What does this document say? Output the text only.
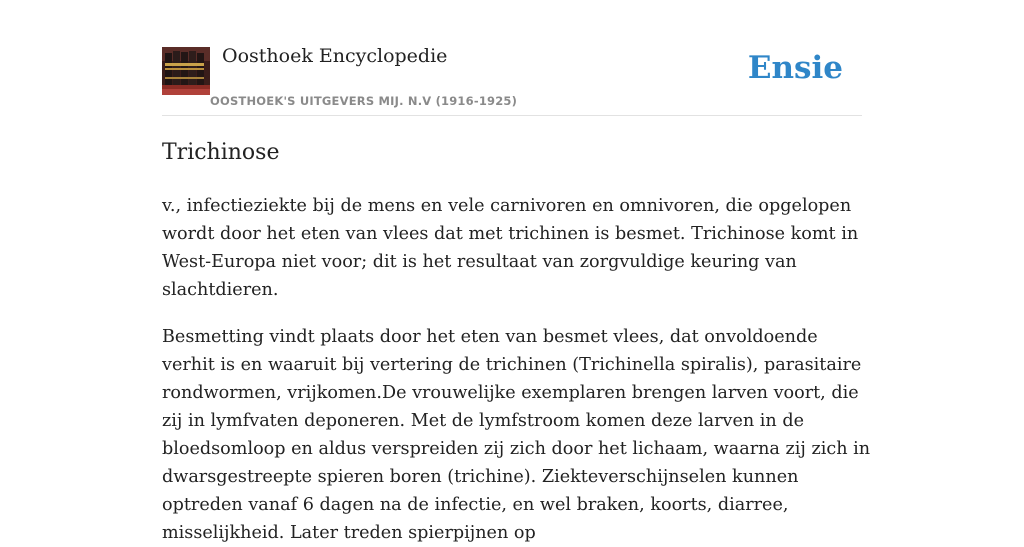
Oosthoek Encyclopedie
OOSTHOEK'S UITGEVERS MIJ. N.V (1916-1925)
Ensie
Trichinose

v., infectieziekte bij de mens en vele carnivoren en omnivoren, die opgelopen wordt door het eten van vlees dat met trichinen is besmet. Trichinose komt in West-Europa niet voor; dit is het resultaat van zorgvuldige keuring van slachtdieren.

Besmetting vindt plaats door het eten van besmet vlees, dat onvoldoende verhit is en waaruit bij vertering de trichinen (Trichinella spiralis), parasitaire rondwormen, vrijkomen.De vrouwelijke exemplaren brengen larven voort, die zij in lymfvaten deponeren. Met de lymfstroom komen deze larven in de bloedsomloop en aldus verspreiden zij zich door het lichaam, waarna zij zich in dwarsgestreepte spieren boren (trichine). Ziekteverschijnselen kunnen optreden vanaf 6 dagen na de infectie, en wel braken, koorts, diarree, misselijkheid. Later treden spierpijnen op
